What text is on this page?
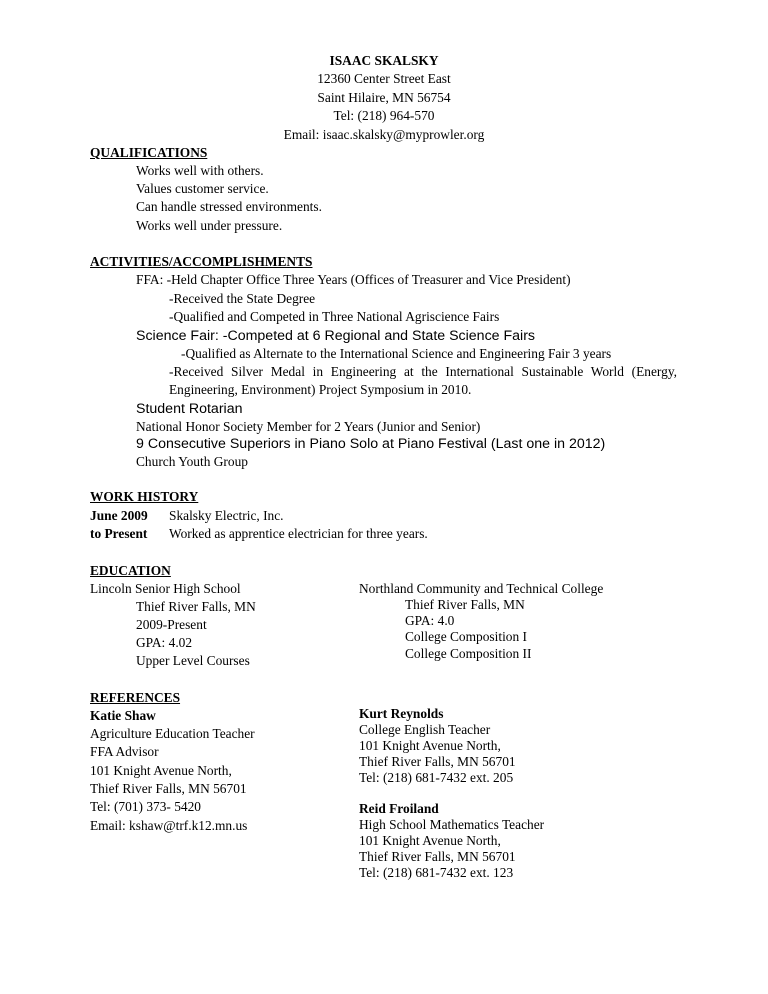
ISAAC SKALSKY
12360 Center Street East
Saint Hilaire, MN 56754
Tel: (218) 964-570
Email: isaac.skalsky@myprowler.org
QUALIFICATIONS
Works well with others.
Values customer service.
Can handle stressed environments.
Works well under pressure.
ACTIVITIES/ACCOMPLISHMENTS
FFA: -Held Chapter Office Three Years (Offices of Treasurer and Vice President)
-Received the State Degree
-Qualified and Competed in Three National Agriscience Fairs
Science Fair: -Competed at 6 Regional and State Science Fairs
-Qualified as Alternate to the International Science and Engineering Fair 3 years
-Received Silver Medal in Engineering at the International Sustainable World (Energy, Engineering, Environment) Project Symposium in 2010.
Student Rotarian
National Honor Society Member for 2 Years (Junior and Senior)
9 Consecutive Superiors in Piano Solo at Piano Festival (Last one in 2012)
Church Youth Group
WORK HISTORY
June 2009
to Present
Skalsky Electric, Inc.
Worked as apprentice electrician for three years.
EDUCATION
Lincoln Senior High School
Thief River Falls, MN
2009-Present
GPA: 4.02
Upper Level Courses
Northland Community and Technical College
Thief River Falls, MN
GPA: 4.0
College Composition I
College Composition II
REFERENCES
Katie Shaw
Agriculture Education Teacher
FFA Advisor
101 Knight Avenue North,
Thief River Falls, MN 56701
Tel: (701) 373- 5420
Email: kshaw@trf.k12.mn.us
Kurt Reynolds
College English Teacher
101 Knight Avenue North,
Thief River Falls, MN 56701
Tel: (218) 681-7432 ext. 205
Reid Froiland
High School Mathematics Teacher
101 Knight Avenue North,
Thief River Falls, MN 56701
Tel: (218) 681-7432 ext. 123
